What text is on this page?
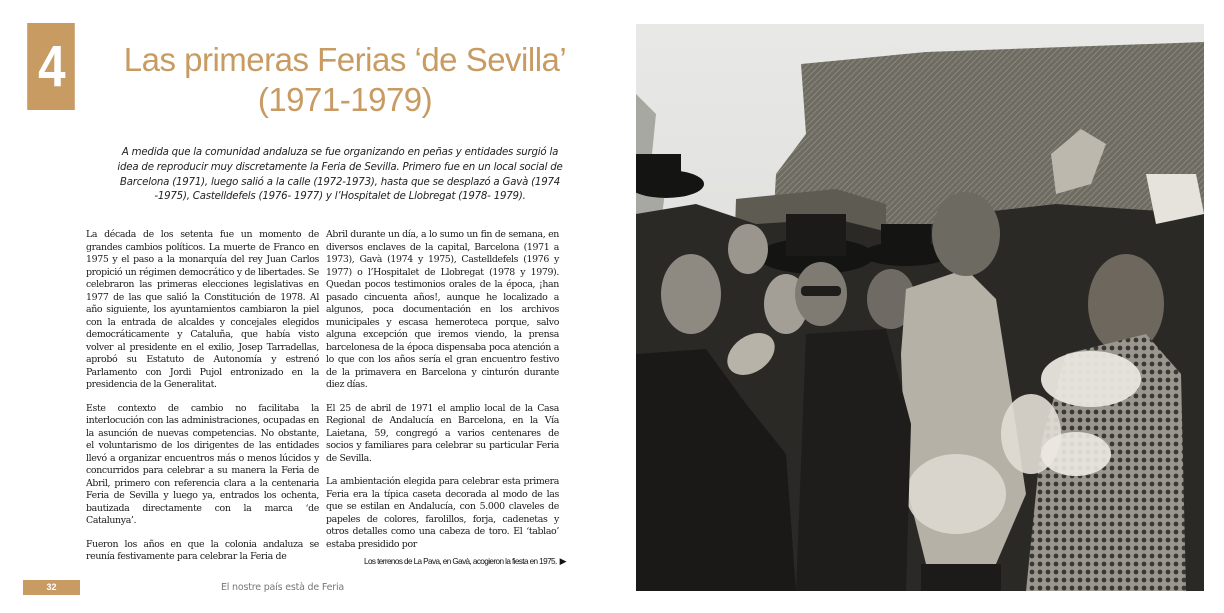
4	Las primeras Ferias ‘de Sevilla’
(1971-1979)

A medida que la comunidad andaluza se fue organizando en peñas y entidades surgió la idea de reproducir muy discretamente la Feria de Sevilla. Primero fue en un local social de Barcelona (1971), luego salió a la calle (1972-1973), hasta que se desplazó a Gavà (1974 -1975), Castelldefels (1976- 1977) y l’Hospitalet de Llobregat (1978- 1979).

La década de los setenta fue un momento de grandes cambios políticos. La muerte de Franco en 1975 y el paso a la monarquía del rey Juan Carlos propició un régimen democrático y de libertades. Se celebraron las primeras elecciones legislativas en 1977 de las que salió la Constitución de 1978. Al año siguiente, los ayuntamientos cambiaron la piel con la entrada de alcaldes y concejales elegidos democráticamente y Cataluña, que había visto volver al presidente en el exilio, Josep Tarradellas, aprobó su Estatuto de Autonomía y estrenó Parlamento con Jordi Pujol entronizado en la presidencia de la Generalitat.

Este contexto de cambio no facilitaba la interlocución con las administraciones, ocupadas en la asunción de nuevas competencias. No obstante, el voluntarismo de los dirigentes de las entidades llevó a organizar encuentros más o menos lúcidos y concurridos para celebrar a su manera la Feria de Abril, primero con referencia clara a la centenaria Feria de Sevilla y luego ya, entrados los ochenta, bautizada directamente con la marca ‘de Catalunya’.

Fueron los años en que la colonia andaluza se reunía festivamente para celebrar la Feria de

Abril durante un día, a lo sumo un fin de semana, en diversos enclaves de la capital, Barcelona (1971 a 1973), Gavà (1974 y 1975), Castelldefels (1976 y 1977) o l’Hospitalet de Llobregat (1978 y 1979). Quedan pocos testimonios orales de la época, ¡han pasado cincuenta años!, aunque he localizado a algunos, poca documentación en los archivos municipales y escasa hemeroteca porque, salvo alguna excepción que iremos viendo, la prensa barcelonesa de la época dispensaba poca atención a lo que con los años sería el gran encuentro festivo de la primavera en Barcelona y cinturón durante diez días.

El 25 de abril de 1971 el amplio local de la Casa Regional de Andalucía en Barcelona, en la Vía Laietana, 59, congregó a varios centenares de socios y familiares para celebrar su particular Feria de Sevilla.

La ambientación elegida para celebrar esta primera Feria era la típica caseta decorada al modo de las que se estilan en Andalucía, con 5.000 claveles de papeles de colores, farolillos, forja, cadenetas y otros detalles como una cabeza de toro. El ‘tablao’ estaba presidido por

Los terrenos de La Pava, en Gavà, acogieron la fiesta en 1975. ▶
32	El nostre país està de Feria
